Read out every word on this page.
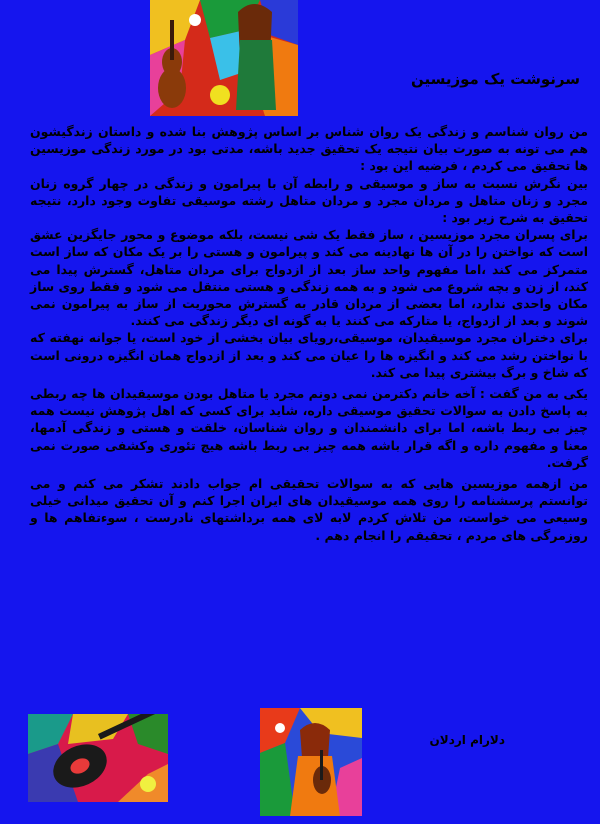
سرنوشت یک موزیسین

من روان شناسم و زندگی یک روان شناس بر اساس پژوهش بنا شده و داستان زندگیشون هم می تونه به صورت بیان نتیجه یک تحقیق جدید باشه، مدتی بود در مورد زندگی موزیسین ها تحقیق می کردم ، فرضیه این بود :

بین نگرش نسبت به ساز و موسیقی و رابطه آن با پیرامون و زندگی در چهار گروه زنان مجرد و زنان متاهل و مردان مجرد و مردان متاهل رشته موسیقی تفاوت وجود دارد، نتیجه تحقیق به شرح زیر بود :

برای پسران مجرد موزیسین ، ساز فقط یک شی نیست، بلکه موضوع و محور جایگزین عشق است که نواختن را در آن ها نهادینه می کند و پیرامون و هستی را بر یک مکان که ساز است متمرکز می کند ،اما مفهوم واحد ساز بعد از ازدواج برای مردان متاهل، گسترش پیدا می کند، از زن و بچه شروع می شود و به همه زندگی و هستی منتقل می شود و فقط روی ساز مکان واحدی ندارد، اما بعضی از مردان قادر به گسترش محوریت از ساز به پیرامون نمی شوند و بعد از ازدواج، یا متارکه می کنند یا به گونه ای دیگر زندگی می کنند.

برای دختران مجرد موسیقیدان، موسیقی،رویای بیان بخشی از خود است، یا جوانه نهفته که با نواختن رشد می کند و انگیزه ها را عیان می کند و بعد از ازدواج همان انگیزه درونی است که شاخ و برگ بیشتری پیدا می کند.

یکی به من گفت : آخه خانم دکترمن نمی دونم مجرد یا متاهل بودن موسیقیدان ها چه ربطی به پاسخ دادن به سوالات تحقیق موسیقی داره، شاید برای کسی که اهل پژوهش نیست همه چیز بی ربط باشه، اما برای دانشمندان و روان شناسان، خلقت و هستی و زندگی آدمها، معنا و مفهوم داره و اگه قرار باشه همه چیز بی ربط باشه هیچ تئوری وکشفی صورت نمی گرفت.

من ازهمه موزیسین هایی که به سوالات تحقیقی ام جواب دادند تشکر می کنم و می توانستم پرسشنامه را روی همه موسیقیدان های ایران اجرا کنم و آن تحقیق میدانی خیلی وسیعی می خواست، من تلاش کردم لابه لای همه برداشتهای نادرست ، سوءتفاهم ها و روزمرگی های مردم ، تحقیقم را انجام دهم .

دلارام اردلان
